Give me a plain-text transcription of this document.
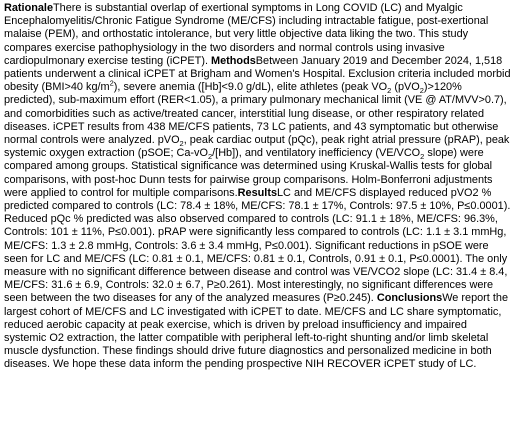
RationaleThere is substantial overlap of exertional symptoms in Long COVID (LC) and Myalgic Encephalomyelitis/Chronic Fatigue Syndrome (ME/CFS) including intractable fatigue, post-exertional malaise (PEM), and orthostatic intolerance, but very little objective data liking the two. This study compares exercise pathophysiology in the two disorders and normal controls using invasive cardiopulmonary exercise testing (iCPET). MethodsBetween January 2019 and December 2024, 1,518 patients underwent a clinical iCPET at Brigham and Women's Hospital. Exclusion criteria included morbid obesity (BMI>40 $kg/m^2$), severe anemia ([Hb]<9.0 g/dL), elite athletes (peak $VO_2$ (pVO$_2$)>120% predicted), sub-maximum effort (RER<1.05), a primary pulmonary mechanical limit (VE @ AT/MVV>0.7), and comorbidities such as active/treated cancer, interstitial lung disease, or other respiratory related diseases. iCPET results from 438 ME/CFS patients, 73 LC patients, and 43 symptomatic but otherwise normal controls were analyzed. pVO$_2$, peak cardiac output (pQc), peak right atrial pressure (pRAP), peak systemic oxygen extraction (pSOE; $Ca-vO_2/[Hb]$), and ventilatory inefficiency ($VE/VCO_2$ slope) were compared among groups. Statistical significance was determined using Kruskal-Wallis tests for global comparisons, with post-hoc Dunn tests for pairwise group comparisons. Holm-Bonferroni adjustments were applied to control for multiple comparisons.ResultsLC and ME/CFS displayed reduced pVO2 % predicted compared to controls (LC: 78.4 ± 18%, ME/CFS: 78.1 ± 17%, Controls: 97.5 ± 10%, P≤0.0001). Reduced pQc % predicted was also observed compared to controls (LC: 91.1 ± 18%, ME/CFS: 96.3%, Controls: 101 ± 11%, P≤0.001). pRAP were significantly less compared to controls (LC: 1.1 ± 3.1 mmHg, ME/CFS: 1.3 ± 2.8 mmHg, Controls: 3.6 ± 3.4 mmHg, P≤0.001). Significant reductions in pSOE were seen for LC and ME/CFS (LC: 0.81 ± 0.1, ME/CFS: 0.81 ± 0.1, Controls, 0.91 ± 0.1, P≤0.0001). The only measure with no significant difference between disease and control was VE/VCO2 slope (LC: 31.4 ± 8.4, ME/CFS: 31.6 ± 6.9, Controls: 32.0 ± 6.7, P≥0.261). Most interestingly, no significant differences were seen between the two diseases for any of the analyzed measures (P≥0.245). ConclusionsWe report the largest cohort of ME/CFS and LC investigated with iCPET to date. ME/CFS and LC share symptomatic, reduced aerobic capacity at peak exercise, which is driven by preload insufficiency and impaired systemic O2 extraction, the latter compatible with peripheral left-to-right shunting and/or limb skeletal muscle dysfunction. These findings should drive future diagnostics and personalized medicine in both diseases. We hope these data inform the pending prospective NIH RECOVER iCPET study of LC.
